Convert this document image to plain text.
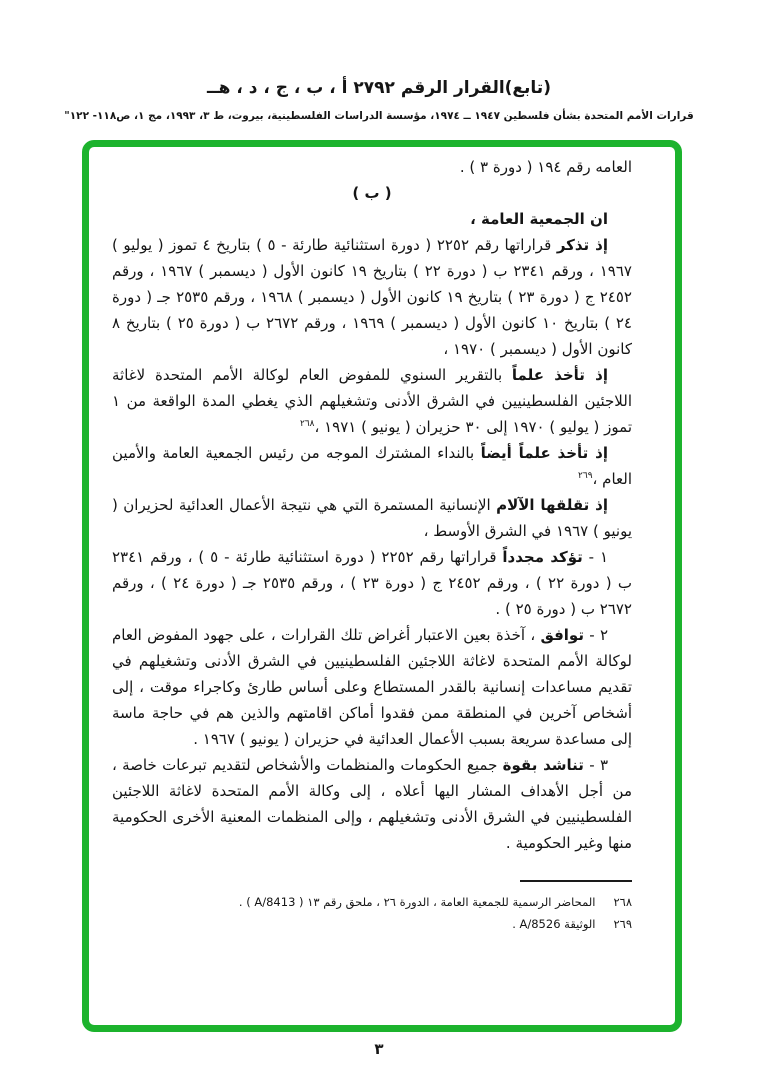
(تابع)القرار الرقم ٢٧٩٢ أ ، ب ، ج ، د ، هــ
قرارات الأمم المتحدة بشأن فلسطين ١٩٤٧ ــ ١٩٧٤، مؤسسة الدراسات الفلسطينية، بيروت، ط ٣، ١٩٩٣، مج ١، ص١١٨- ١٢٢"

العامه رقم ١٩٤ ( دورة ٣ ) .

( ب )

ان الجمعية العامة ،

إذ تذكر قراراتها رقم ٢٢٥٢ ( دورة استثنائية طارئة - ٥ ) بتاريخ ٤ تموز ( يوليو ) ١٩٦٧ ، ورقم ٢٣٤١ ب ( دورة ٢٢ ) بتاريخ ١٩ كانون الأول ( ديسمبر ) ١٩٦٧ ، ورقم ٢٤٥٢ ج ( دورة ٢٣ ) بتاريخ ١٩ كانون الأول ( ديسمبر ) ١٩٦٨ ، ورقم ٢٥٣٥ جـ ( دورة ٢٤ ) بتاريخ ١٠ كانون الأول ( ديسمبر ) ١٩٦٩ ، ورقم ٢٦٧٢ ب ( دورة ٢٥ ) بتاريخ ٨ كانون الأول ( ديسمبر ) ١٩٧٠ ،

إذ تأخذ علماً بالتقرير السنوي للمفوض العام لوكالة الأمم المتحدة لاغاثة اللاجئين الفلسطينيين في الشرق الأدنى وتشغيلهم الذي يغطي المدة الواقعة من ١ تموز ( يوليو ) ١٩٧٠ إلى ٣٠ حزيران ( يونيو ) ١٩٧١ ،$^{٢٦٨}$

إذ تأخذ علماً أيضاً بالنداء المشترك الموجه من رئيس الجمعية العامة والأمين العام ،$^{٢٦٩}$

إذ تقلقها الآلام الإنسانية المستمرة التي هي نتيجة الأعمال العدائية لحزيران ( يونيو ) ١٩٦٧ في الشرق الأوسط ،

١ - تؤكد مجدداً قراراتها رقم ٢٢٥٢ ( دورة استثنائية طارئة - ٥ ) ، ورقم ٢٣٤١ ب ( دورة ٢٢ ) ، ورقم ٢٤٥٢ ج ( دورة ٢٣ ) ، ورقم ٢٥٣٥ جـ ( دورة ٢٤ ) ، ورقم ٢٦٧٢ ب ( دورة ٢٥ ) .

٢ - توافق ، آخذة بعين الاعتبار أغراض تلك القرارات ، على جهود المفوض العام لوكالة الأمم المتحدة لاغاثة اللاجئين الفلسطينيين في الشرق الأدنى وتشغيلهم في تقديم مساعدات إنسانية بالقدر المستطاع وعلى أساس طارئ وكاجراء موقت ، إلى أشخاص آخرين في المنطقة ممن فقدوا أماكن اقامتهم والذين هم في حاجة ماسة إلى مساعدة سريعة بسبب الأعمال العدائية في حزيران ( يونيو ) ١٩٦٧ .

٣ - تناشد بقوة جميع الحكومات والمنظمات والأشخاص لتقديم تبرعات خاصة ، من أجل الأهداف المشار اليها أعلاه ، إلى وكالة الأمم المتحدة لاغاثة اللاجئين الفلسطينيين في الشرق الأدنى وتشغيلهم ، وإلى المنظمات المعنية الأخرى الحكومية منها وغير الحكومية .

٢٦٨
المحاضر الرسمية للجمعية العامة ، الدورة ٢٦ ، ملحق رقم ١٣ ( A/8413 ) .
٢٦٩
الوثيقة A/8526 .
٣
